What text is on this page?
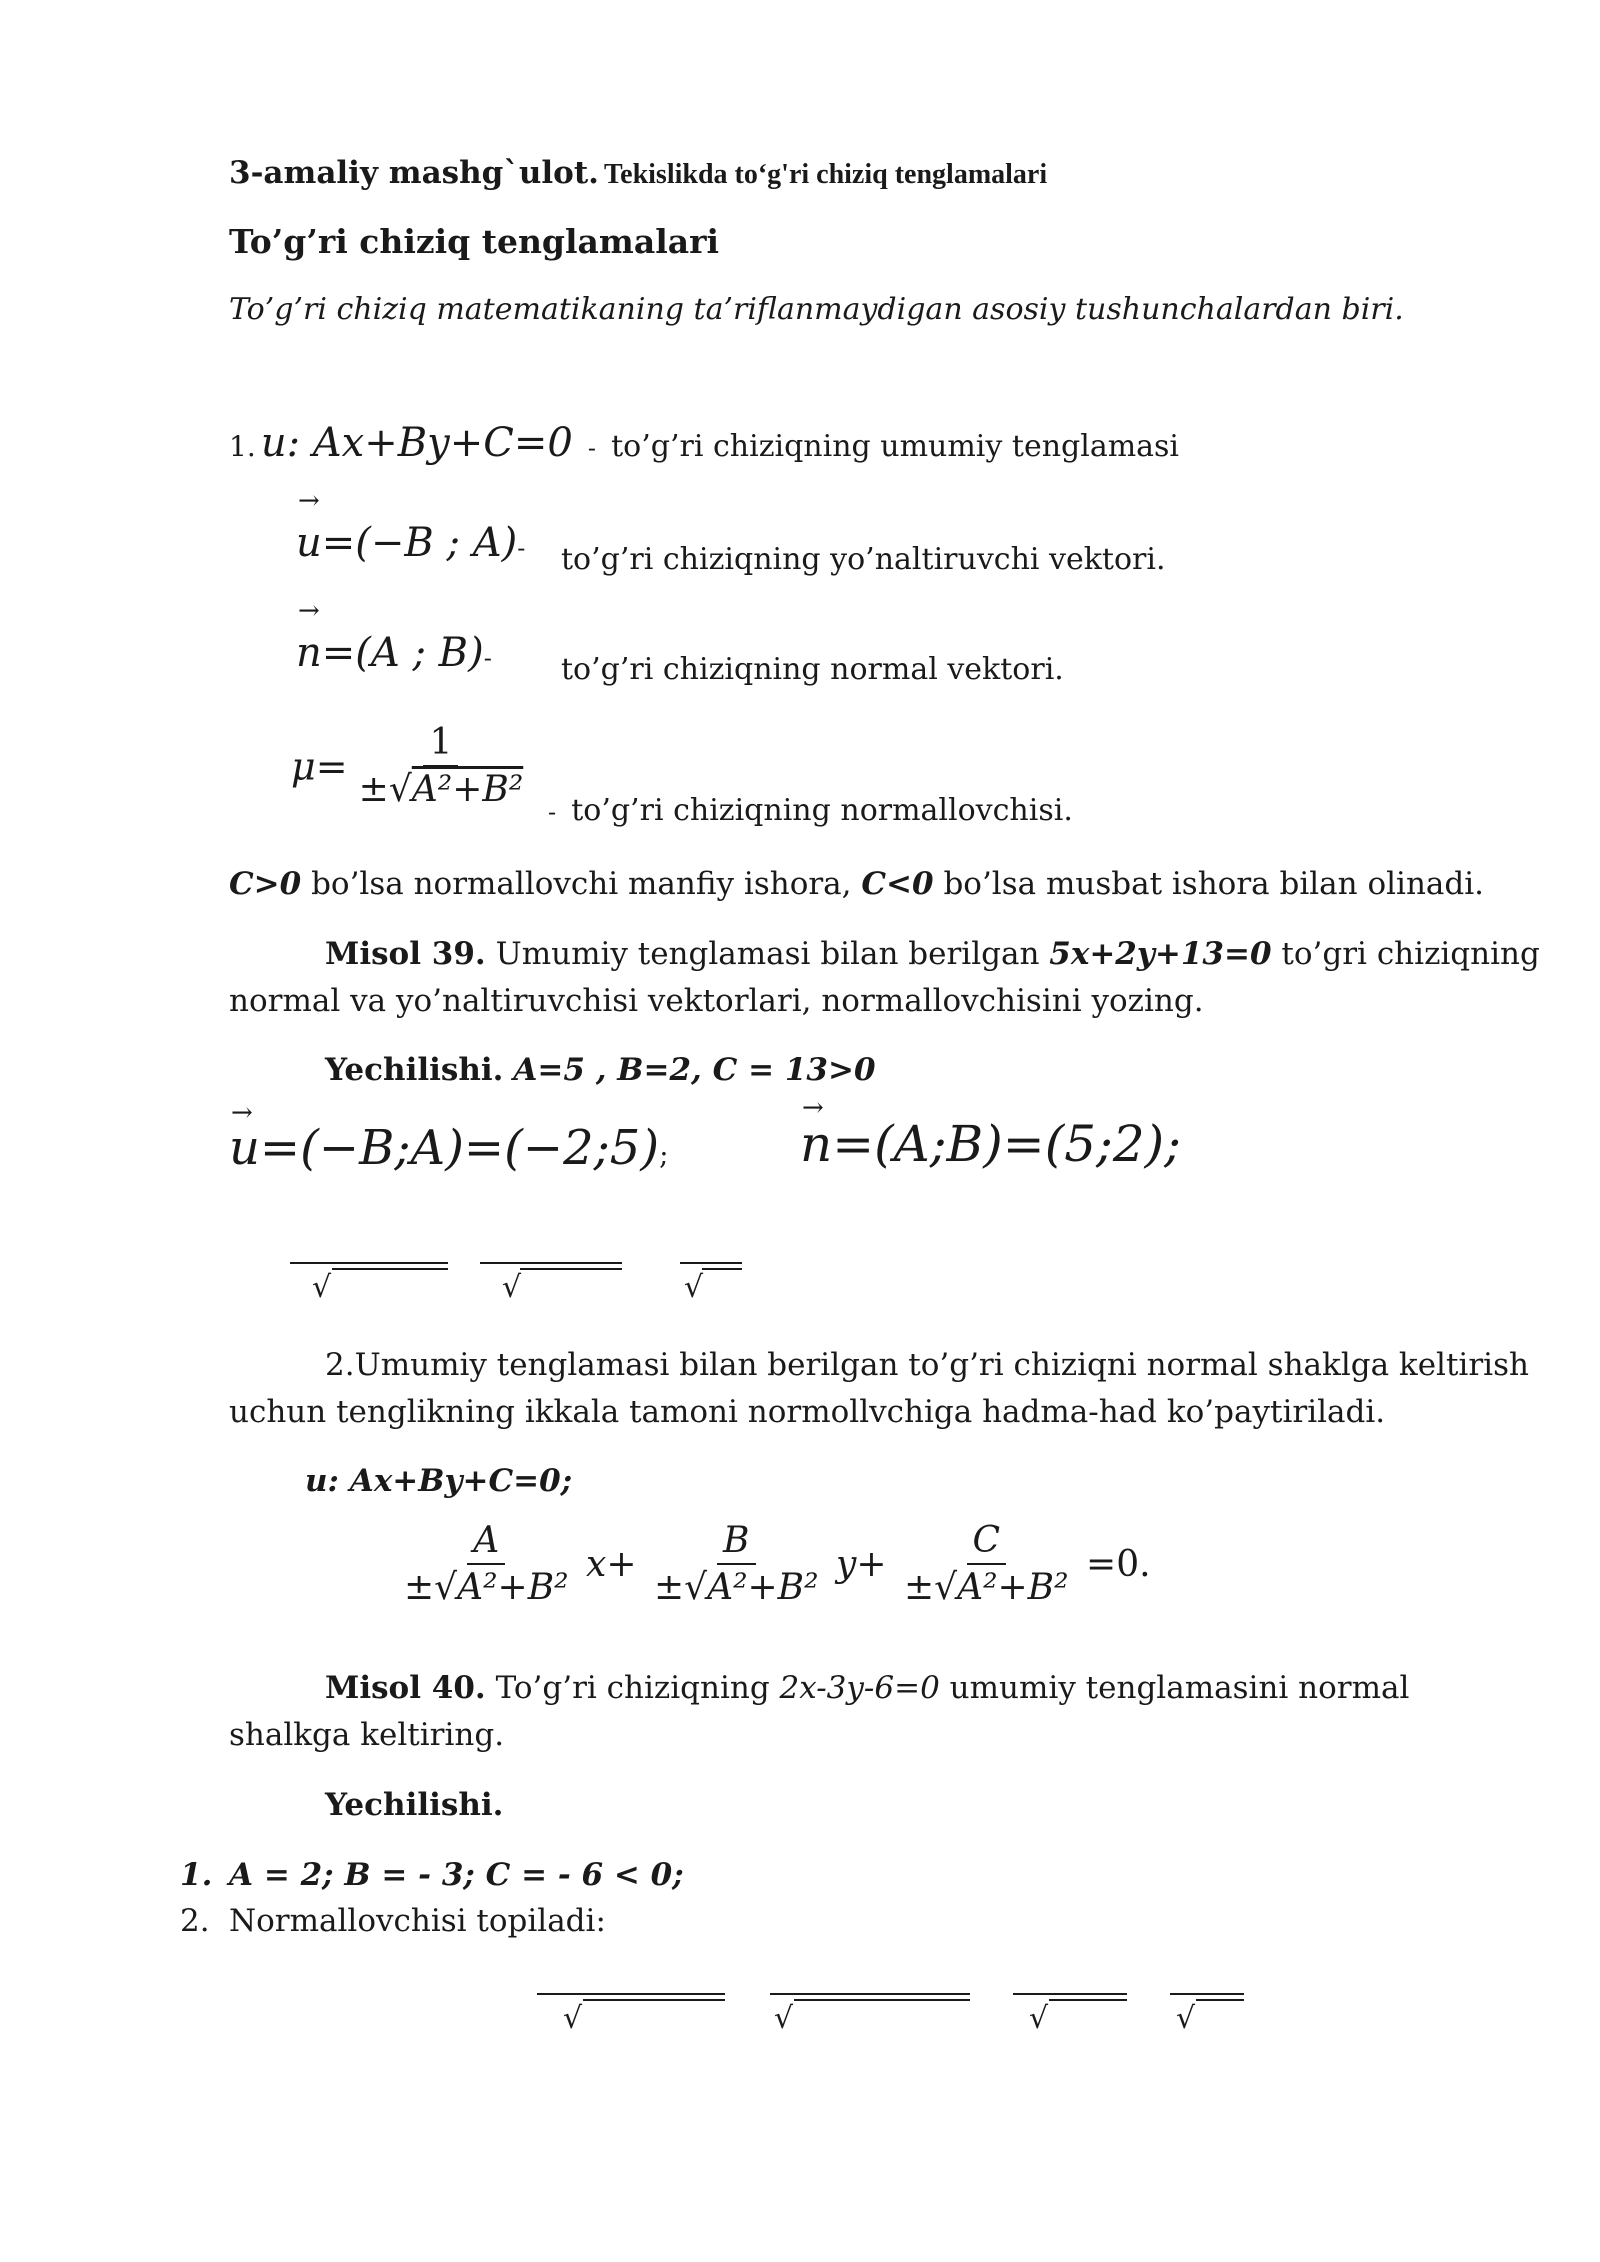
3-amaliy mashg`ulot. Tekislikda to‘g'ri chiziq tenglamalari
To’g’ri chiziq tenglamalari
To’g’ri chiziq matematikaning ta’riflanmaydigan asosiy tushunchalardan biri.
1. u: Ax+By+C=0 - to’g’ri chiziqning umumiy tenglamasi
→
u=(−B ; A)- to’g’ri chiziqning yo’naltiruvchi vektori.
→
n=(A ; B)- to’g’ri chiziqning normal vektori.
$\mu= \frac{1}{\text{±√A²+B²}}$
- to’g’ri chiziqning normallovchisi.
C>0 bo’lsa normallovchi manfiy ishora, C<0 bo’lsa musbat ishora bilan olinadi.
Misol 39. Umumiy tenglamasi bilan berilgan 5x+2y+13=0 to’gri chiziqning
normal va yo’naltiruvchisi vektorlari, normallovchisini yozing.
Yechilishi. A=5 , B=2, C = 13>0
→
u=(−B;A)=(−2;5);
→
n=(A;B)=(5;2);
√	√	√
2.Umumiy tenglamasi bilan berilgan to’g’ri chiziqni normal shaklga keltirish
uchun tenglikning ikkala tamoni normollvchiga hadma-had ko’paytiriladi.
u: Ax+By+C=0;
$\frac{A}{\text{±√A²+B²}} x+ \frac{B}{\text{±√A²+B²}} y+ \frac{C}{\text{±√A²+B²}} =0$.
Misol 40. To’g’ri chiziqning 2x-3y-6=0 umumiy tenglamasini normal
shalkga keltiring.
Yechilishi.
1. A = 2; B = - 3; C = - 6 < 0;
2. Normallovchisi topiladi:
√	√	√	√
